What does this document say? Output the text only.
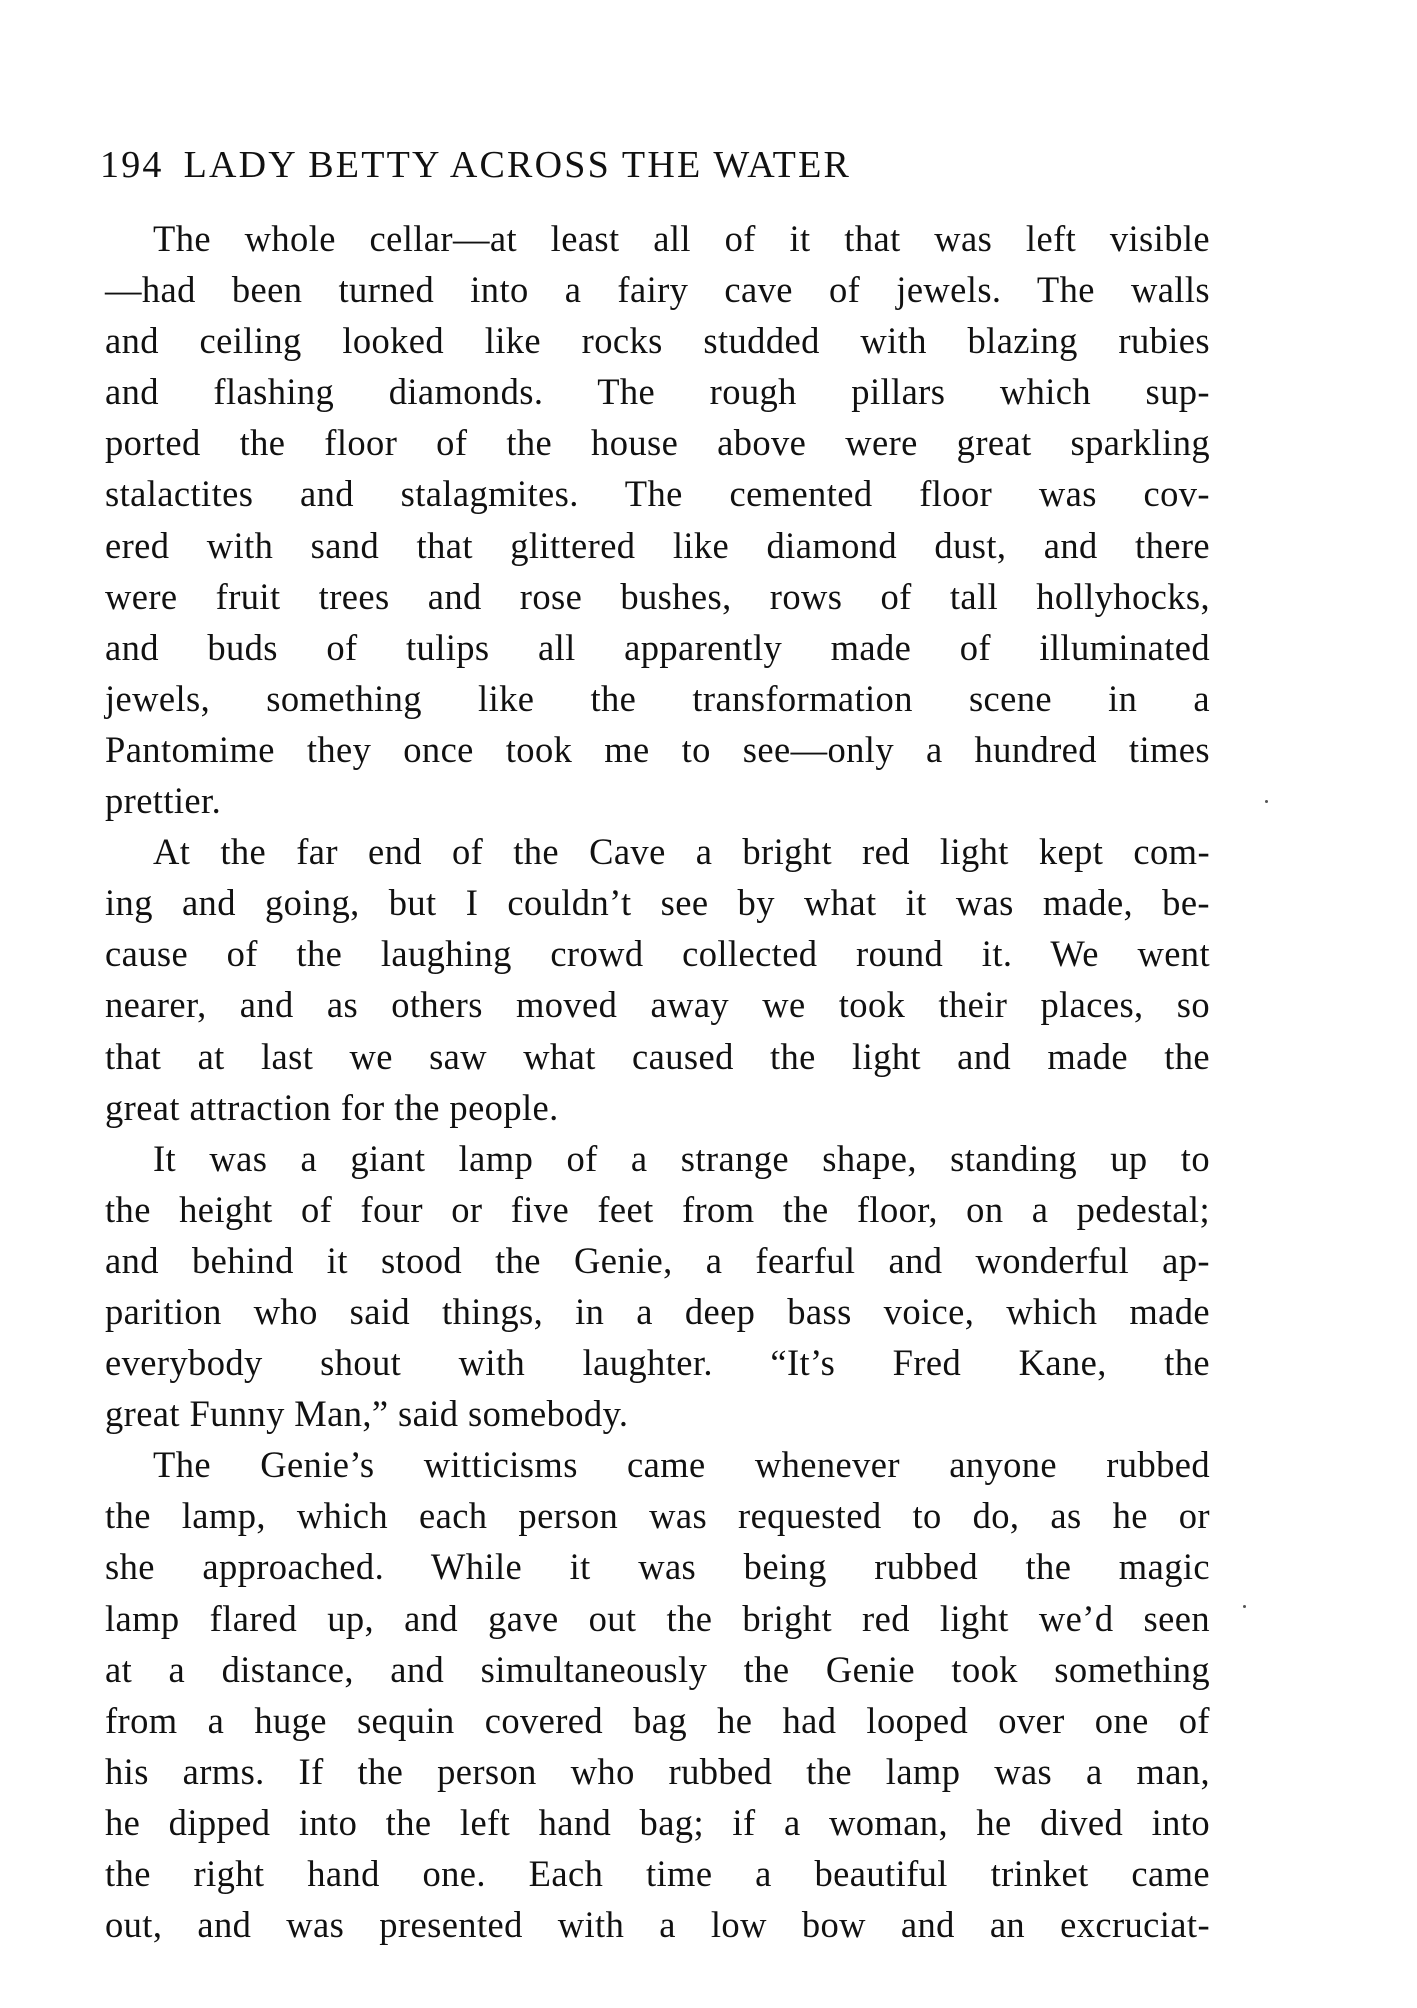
194 LADY BETTY ACROSS THE WATER

The whole cellar—at least all of it that was left visible
—had been turned into a fairy cave of jewels. The walls
and ceiling looked like rocks studded with blazing rubies
and flashing diamonds. The rough pillars which sup-
ported the floor of the house above were great sparkling
stalactites and stalagmites. The cemented floor was cov-
ered with sand that glittered like diamond dust, and there
were fruit trees and rose bushes, rows of tall hollyhocks,
and buds of tulips all apparently made of illuminated
jewels, something like the transformation scene in a
Pantomime they once took me to see—only a hundred times
prettier.

At the far end of the Cave a bright red light kept com-
ing and going, but I couldn’t see by what it was made, be-
cause of the laughing crowd collected round it. We went
nearer, and as others moved away we took their places, so
that at last we saw what caused the light and made the
great attraction for the people.

It was a giant lamp of a strange shape, standing up to
the height of four or five feet from the floor, on a pedestal;
and behind it stood the Genie, a fearful and wonderful ap-
parition who said things, in a deep bass voice, which made
everybody shout with laughter. “It’s Fred Kane, the
great Funny Man,” said somebody.

The Genie’s witticisms came whenever anyone rubbed
the lamp, which each person was requested to do, as he or
she approached. While it was being rubbed the magic
lamp flared up, and gave out the bright red light we’d seen
at a distance, and simultaneously the Genie took something
from a huge sequin covered bag he had looped over one of
his arms. If the person who rubbed the lamp was a man,
he dipped into the left hand bag; if a woman, he dived into
the right hand one. Each time a beautiful trinket came
out, and was presented with a low bow and an excruciat-
